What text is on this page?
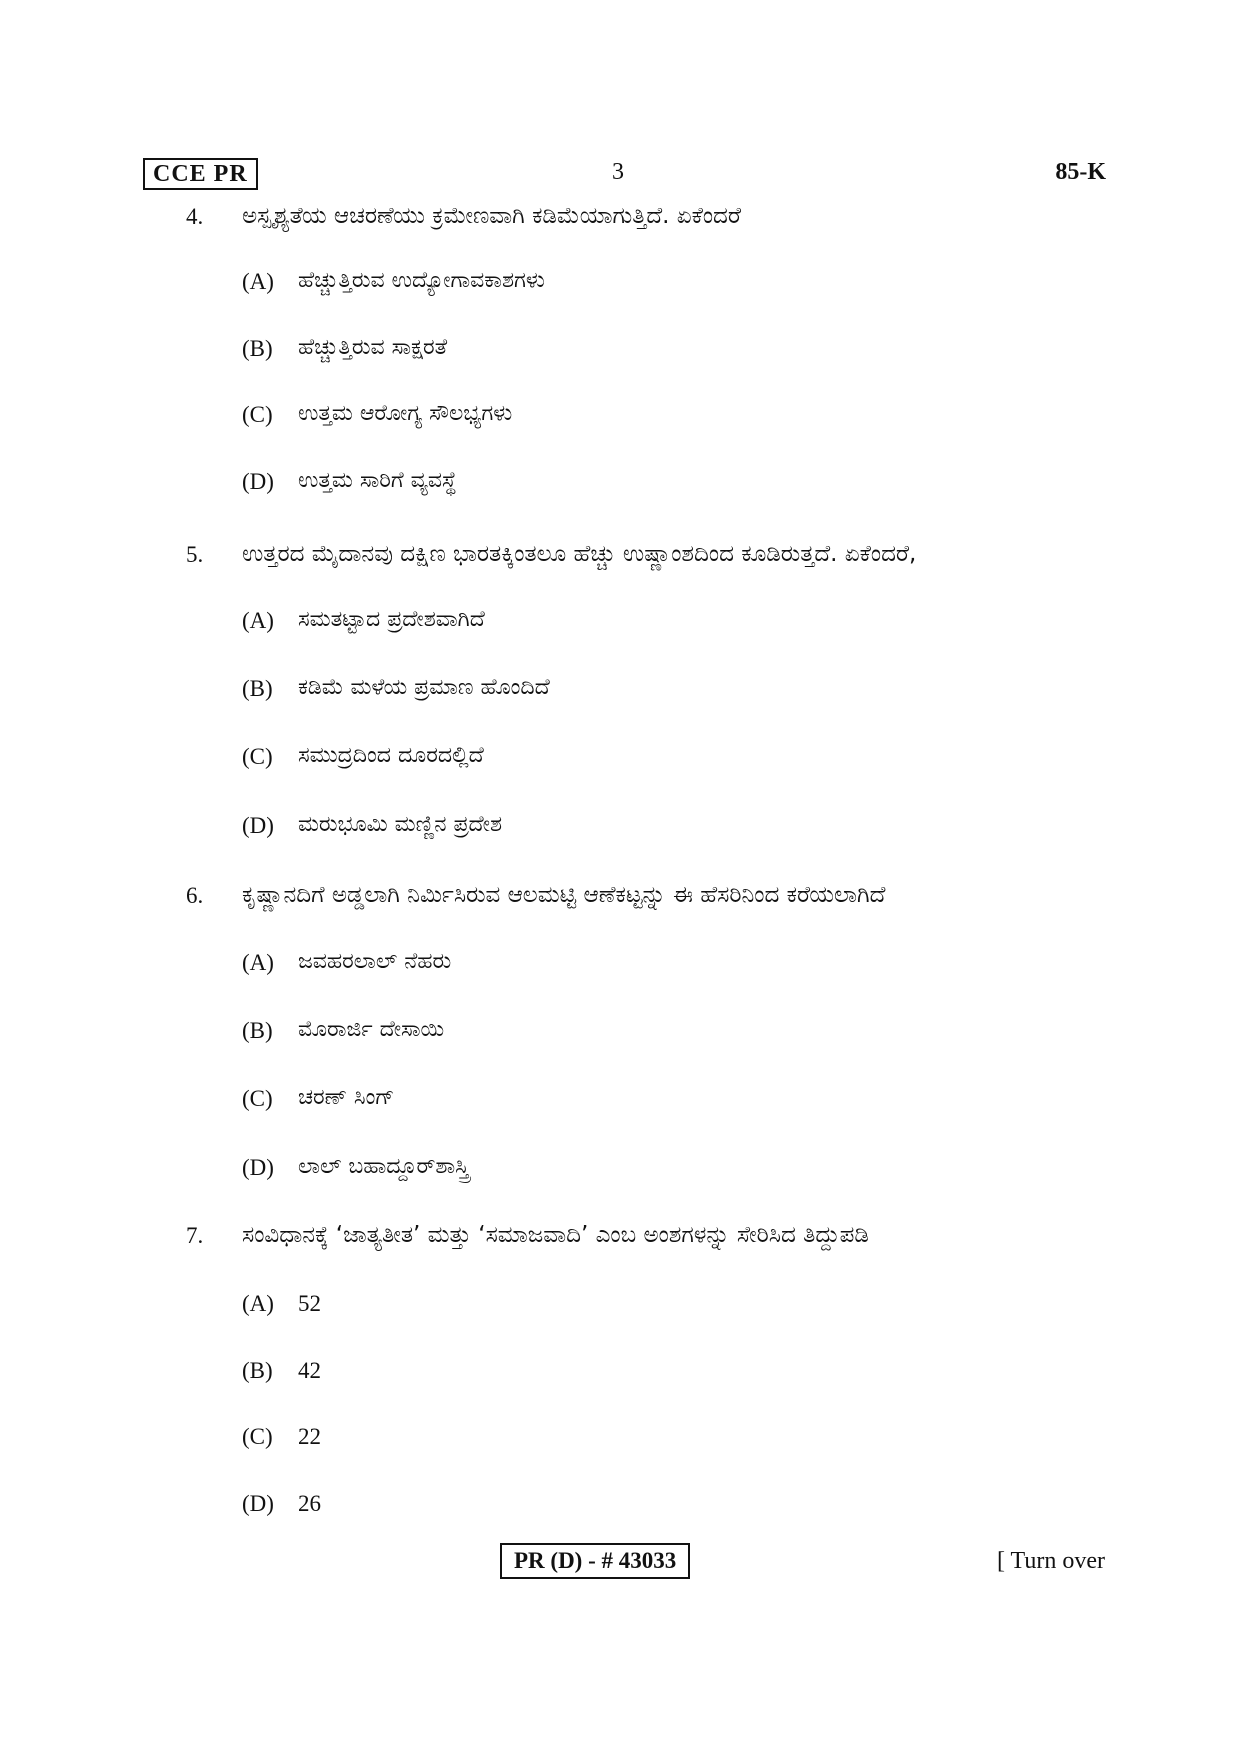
CCE PR	3	85-K
4. ಅಸ್ಪೃಶ್ಯತೆಯ ಆಚರಣೆಯು ಕ್ರಮೇಣವಾಗಿ ಕಡಿಮೆಯಾಗುತ್ತಿದೆ. ಏಕೆಂದರೆ
(A) ಹೆಚ್ಚುತ್ತಿರುವ ಉದ್ಯೋಗಾವಕಾಶಗಳು
(B) ಹೆಚ್ಚುತ್ತಿರುವ ಸಾಕ್ಷರತೆ
(C) ಉತ್ತಮ ಆರೋಗ್ಯ ಸೌಲಭ್ಯಗಳು
(D) ಉತ್ತಮ ಸಾರಿಗೆ ವ್ಯವಸ್ಥೆ
5. ಉತ್ತರದ ಮೈದಾನವು ದಕ್ಷಿಣ ಭಾರತಕ್ಕಿಂತಲೂ ಹೆಚ್ಚು ಉಷ್ಣಾಂಶದಿಂದ ಕೂಡಿರುತ್ತದೆ. ಏಕೆಂದರೆ,
(A) ಸಮತಟ್ಟಾದ ಪ್ರದೇಶವಾಗಿದೆ
(B) ಕಡಿಮೆ ಮಳೆಯ ಪ್ರಮಾಣ ಹೊಂದಿದೆ
(C) ಸಮುದ್ರದಿಂದ ದೂರದಲ್ಲಿದೆ
(D) ಮರುಭೂಮಿ ಮಣ್ಣಿನ ಪ್ರದೇಶ
6. ಕೃಷ್ಣಾನದಿಗೆ ಅಡ್ಡಲಾಗಿ ನಿರ್ಮಿಸಿರುವ ಆಲಮಟ್ಟಿ ಆಣೆಕಟ್ಟನ್ನು ಈ ಹೆಸರಿನಿಂದ ಕರೆಯಲಾಗಿದೆ
(A) ಜವಹರಲಾಲ್ ನೆಹರು
(B) ಮೊರಾರ್ಜಿ ದೇಸಾಯಿ
(C) ಚರಣ್ ಸಿಂಗ್
(D) ಲಾಲ್ ಬಹಾದ್ದೂರ್‌ಶಾಸ್ತ್ರಿ
7. ಸಂವಿಧಾನಕ್ಕೆ ‘ಜಾತ್ಯತೀತ’ ಮತ್ತು ‘ಸಮಾಜವಾದಿ’ ಎಂಬ ಅಂಶಗಳನ್ನು ಸೇರಿಸಿದ ತಿದ್ದುಪಡಿ
(A) 52
(B) 42
(C) 22
(D) 26
PR (D) - # 43033	[ Turn over
